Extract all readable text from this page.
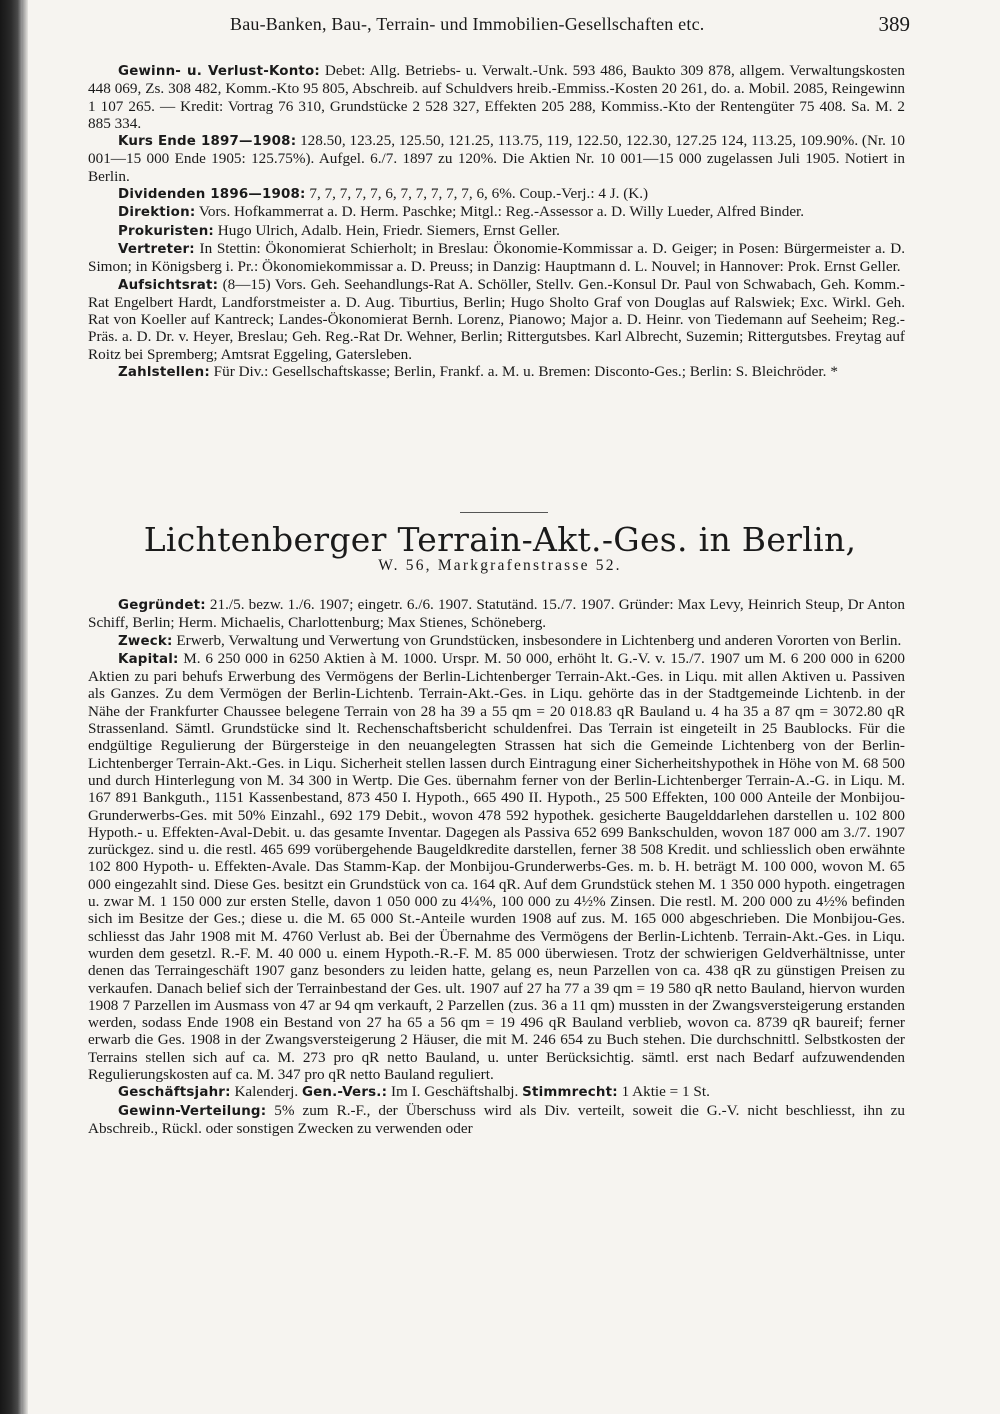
Bau-Banken, Bau-, Terrain- und Immobilien-Gesellschaften etc.	389

Gewinn- u. Verlust-Konto: Debet: Allg. Betriebs- u. Verwalt.-Unk. 593 486, Baukto 309 878, allgem. Verwaltungskosten 448 069, Zs. 308 482, Komm.-Kto 95 805, Abschreib. auf Schuldvers hreib.-Emmiss.-Kosten 20 261, do. a. Mobil. 2085, Reingewinn 1 107 265. — Kredit: Vortrag 76 310, Grundstücke 2 528 327, Effekten 205 288, Kommiss.-Kto der Rentengüter 75 408. Sa. M. 2 885 334.

Kurs Ende 1897—1908: 128.50, 123.25, 125.50, 121.25, 113.75, 119, 122.50, 122.30, 127.25 124, 113.25, 109.90%. (Nr. 10 001—15 000 Ende 1905: 125.75%). Aufgel. 6./7. 1897 zu 120%. Die Aktien Nr. 10 001—15 000 zugelassen Juli 1905. Notiert in Berlin.

Dividenden 1896—1908: 7, 7, 7, 7, 7, 6, 7, 7, 7, 7, 7, 6, 6%. Coup.-Verj.: 4 J. (K.)

Direktion: Vors. Hofkammerrat a. D. Herm. Paschke; Mitgl.: Reg.-Assessor a. D. Willy Lueder, Alfred Binder.

Prokuristen: Hugo Ulrich, Adalb. Hein, Friedr. Siemers, Ernst Geller.

Vertreter: In Stettin: Ökonomierat Schierholt; in Breslau: Ökonomie-Kommissar a. D. Geiger; in Posen: Bürgermeister a. D. Simon; in Königsberg i. Pr.: Ökonomiekommissar a. D. Preuss; in Danzig: Hauptmann d. L. Nouvel; in Hannover: Prok. Ernst Geller.

Aufsichtsrat: (8—15) Vors. Geh. Seehandlungs-Rat A. Schöller, Stellv. Gen.-Konsul Dr. Paul von Schwabach, Geh. Komm.-Rat Engelbert Hardt, Landforstmeister a. D. Aug. Tiburtius, Berlin; Hugo Sholto Graf von Douglas auf Ralswiek; Exc. Wirkl. Geh. Rat von Koeller auf Kantreck; Landes-Ökonomierat Bernh. Lorenz, Pianowo; Major a. D. Heinr. von Tiedemann auf Seeheim; Reg.-Präs. a. D. Dr. v. Heyer, Breslau; Geh. Reg.-Rat Dr. Wehner, Berlin; Rittergutsbes. Karl Albrecht, Suzemin; Rittergutsbes. Freytag auf Roitz bei Spremberg; Amtsrat Eggeling, Gatersleben.

Zahlstellen: Für Div.: Gesellschaftskasse; Berlin, Frankf. a. M. u. Bremen: Disconto-Ges.; Berlin: S. Bleichröder. *

Lichtenberger Terrain-Akt.-Ges. in Berlin,
W. 56, Markgrafenstrasse 52.

Gegründet: 21./5. bezw. 1./6. 1907; eingetr. 6./6. 1907. Statutänd. 15./7. 1907. Gründer: Max Levy, Heinrich Steup, Dr Anton Schiff, Berlin; Herm. Michaelis, Charlottenburg; Max Stienes, Schöneberg.

Zweck: Erwerb, Verwaltung und Verwertung von Grundstücken, insbesondere in Lichtenberg und anderen Vororten von Berlin.

Kapital: M. 6 250 000 in 6250 Aktien à M. 1000. Urspr. M. 50 000, erhöht lt. G.-V. v. 15./7. 1907 um M. 6 200 000 in 6200 Aktien zu pari behufs Erwerbung des Vermögens der Berlin-Lichtenberger Terrain-Akt.-Ges. in Liqu. mit allen Aktiven u. Passiven als Ganzes. Zu dem Vermögen der Berlin-Lichtenb. Terrain-Akt.-Ges. in Liqu. gehörte das in der Stadtgemeinde Lichtenb. in der Nähe der Frankfurter Chaussee belegene Terrain von 28 ha 39 a 55 qm = 20 018.83 qR Bauland u. 4 ha 35 a 87 qm = 3072.80 qR Strassenland. Sämtl. Grundstücke sind lt. Rechenschaftsbericht schuldenfrei. Das Terrain ist eingeteilt in 25 Baublocks. Für die endgültige Regulierung der Bürgersteige in den neuangelegten Strassen hat sich die Gemeinde Lichtenberg von der Berlin-Lichtenberger Terrain-Akt.-Ges. in Liqu. Sicherheit stellen lassen durch Eintragung einer Sicherheitshypothek in Höhe von M. 68 500 und durch Hinterlegung von M. 34 300 in Wertp. Die Ges. übernahm ferner von der Berlin-Lichtenberger Terrain-A.-G. in Liqu. M. 167 891 Bankguth., 1151 Kassenbestand, 873 450 I. Hypoth., 665 490 II. Hypoth., 25 500 Effekten, 100 000 Anteile der Monbijou-Grunderwerbs-Ges. mit 50% Einzahl., 692 179 Debit., wovon 478 592 hypothek. gesicherte Baugelddarlehen darstellen u. 102 800 Hypoth.- u. Effekten-Aval-Debit. u. das gesamte Inventar. Dagegen als Passiva 652 699 Bankschulden, wovon 187 000 am 3./7. 1907 zurückgez. sind u. die restl. 465 699 vorübergehende Baugeldkredite darstellen, ferner 38 508 Kredit. und schliesslich oben erwähnte 102 800 Hypoth- u. Effekten-Avale. Das Stamm-Kap. der Monbijou-Grunderwerbs-Ges. m. b. H. beträgt M. 100 000, wovon M. 65 000 eingezahlt sind. Diese Ges. besitzt ein Grundstück von ca. 164 qR. Auf dem Grundstück stehen M. 1 350 000 hypoth. eingetragen u. zwar M. 1 150 000 zur ersten Stelle, davon 1 050 000 zu 4¼%, 100 000 zu 4½% Zinsen. Die restl. M. 200 000 zu 4½% befinden sich im Besitze der Ges.; diese u. die M. 65 000 St.-Anteile wurden 1908 auf zus. M. 165 000 abgeschrieben. Die Monbijou-Ges. schliesst das Jahr 1908 mit M. 4760 Verlust ab. Bei der Übernahme des Vermögens der Berlin-Lichtenb. Terrain-Akt.-Ges. in Liqu. wurden dem gesetzl. R.-F. M. 40 000 u. einem Hypoth.-R.-F. M. 85 000 überwiesen. Trotz der schwierigen Geldverhältnisse, unter denen das Terraingeschäft 1907 ganz besonders zu leiden hatte, gelang es, neun Parzellen von ca. 438 qR zu günstigen Preisen zu verkaufen. Danach belief sich der Terrainbestand der Ges. ult. 1907 auf 27 ha 77 a 39 qm = 19 580 qR netto Bauland, hiervon wurden 1908 7 Parzellen im Ausmass von 47 ar 94 qm verkauft, 2 Parzellen (zus. 36 a 11 qm) mussten in der Zwangsversteigerung erstanden werden, sodass Ende 1908 ein Bestand von 27 ha 65 a 56 qm = 19 496 qR Bauland verblieb, wovon ca. 8739 qR baureif; ferner erwarb die Ges. 1908 in der Zwangsversteigerung 2 Häuser, die mit M. 246 654 zu Buch stehen. Die durchschnittl. Selbstkosten der Terrains stellen sich auf ca. M. 273 pro qR netto Bauland, u. unter Berücksichtig. sämtl. erst nach Bedarf aufzuwendenden Regulierungskosten auf ca. M. 347 pro qR netto Bauland reguliert.

Geschäftsjahr: Kalenderj. Gen.-Vers.: Im I. Geschäftshalbj. Stimmrecht: 1 Aktie = 1 St.

Gewinn-Verteilung: 5% zum R.-F., der Überschuss wird als Div. verteilt, soweit die G.-V. nicht beschliesst, ihn zu Abschreib., Rückl. oder sonstigen Zwecken zu verwenden oder
